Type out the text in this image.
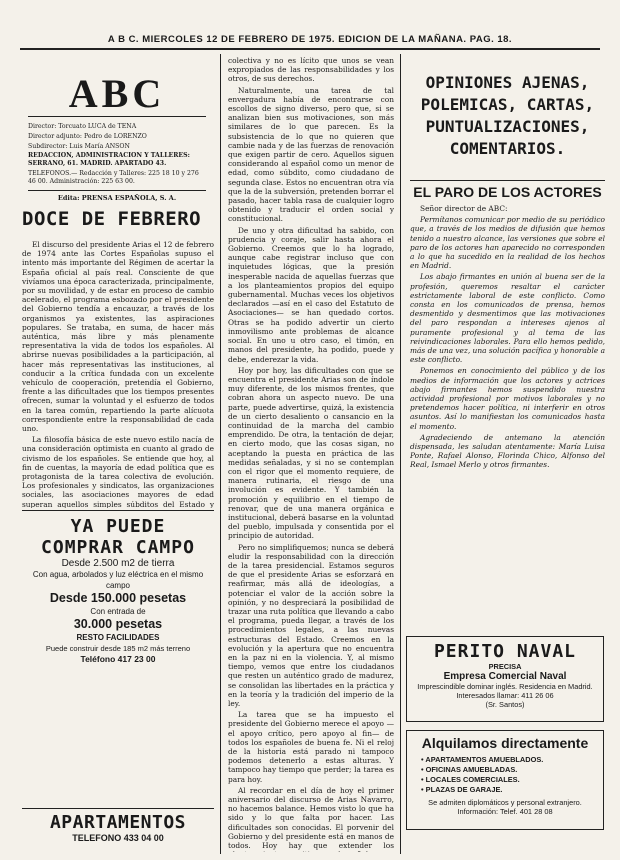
A B C. MIERCOLES 12 DE FEBRERO DE 1975. EDICION DE LA MAÑANA. PAG. 18.
ABC
Director: Torcuato LUCA de TENA
Director adjunto: Pedro de LORENZO
Subdirector: Luis María ANSON
REDACCION, ADMINISTRACION Y TALLERES: SERRANO, 61. MADRID. APARTADO 43.
TELEFONOS.— Redacción y Talleres: 225 18 10 y 276 46 00. Administración: 225 63 00.
Edita: PRENSA ESPAÑOLA, S. A.
DOCE DE FEBRERO

El discurso del presidente Arias el 12 de febrero de 1974 ante las Cortes Españolas supuso el intento más importante del Régimen de acertar la España oficial al país real. Consciente de que vivíamos una época caracterizada, principalmente, por su movilidad, y de estar en proceso de cambio acelerado, el programa esbozado por el presidente del Gobierno tendía a encauzar, a través de los organismos ya existentes, las aspiraciones populares. Se trataba, en suma, de hacer más auténtica, más libre y más plenamente representativa la vida de todos los españoles. Al abrirse nuevas posibilidades a la participación, al hacer más representativas las instituciones, al conducir a la crítica fundada con un excelente vehículo de cooperación, pretendía el Gobierno, frente a las dificultades que los tiempos presentes ofrecen, sumar la voluntad y el esfuerzo de todos en la tarea común, repartiendo la parte alícuota correspondiente entre la responsabilidad de cada uno.

La filosofía básica de este nuevo estilo nacía de una consideración optimista en cuanto al grado de civismo de los españoles. Se entiende que hoy, al fin de cuentas, la mayoría de edad política que es protagonista de la tarea colectiva de evolución. Los profesionales y sindicatos, las organizaciones sociales, las asociaciones mayores de edad superan aquellos simples súbditos del Estado y

YA PUEDE
COMPRAR CAMPO
Desde 2.500 m2 de tierra
Con agua, arbolados y luz eléctrica en el mismo campo
Desde 150.000 pesetas
Con entrada de
30.000 pesetas
RESTO FACILIDADES
Puede construir desde 185 m2 más terreno
Teléfono 417 23 00
APARTAMENTOS
TELEFONO 433 04 00

colectiva y no es lícito que unos se vean expropiados de las responsabilidades y los otros, de sus derechos.

Naturalmente, una tarea de tal envergadura había de encontrarse con escollos de signo diverso, pero que, si se analizan bien sus motivaciones, son más similares de lo que parecen. Es la subsistencia de lo que no quieren que cambie nada y de las fuerzas de renovación que exigen partir de cero. Aquellos siguen considerando al español como un menor de edad, como súbdito, como ciudadano de segunda clase. Estos no encuentran otra vía que la de la subversión, pretenden borrar el pasado, hacer tabla rasa de cualquier logro obtenido y traducir el orden social y constitucional.

De uno y otra dificultad ha sabido, con prudencia y coraje, salir hasta ahora el Gobierno. Creemos que lo ha logrado, aunque cabe registrar incluso que con inquietudes lógicas, que la presión inesperable nacida de aquellas fuerzas que a los planteamientos propios del equipo gubernamental. Muchas veces los objetivos declarados —así en el caso del Estatuto de Asociaciones— se han quedado cortos. Otras se ha podido advertir un cierto inmovilismo ante problemas de alcance social. En uno u otro caso, el timón, en manos del presidente, ha podido, puede y debe, enderezar la vida.

Hoy por hoy, las dificultades con que se encuentra el presidente Arias son de índole muy diferente, de los mismos frentes, que cobran ahora un aspecto nuevo. De una parte, puede advertirse, quizá, la existencia de un cierto desaliento o cansancio en la continuidad de la marcha del cambio emprendido. De otra, la tentación de dejar, en cierto modo, que las cosas sigan, no aceptando la puesta en práctica de las medidas señaladas, y si no se contemplan con el rigor que el momento requiere, de manera rutinaria, el riesgo de una involución es evidente. Y también la promoción y equilibrio en el tiempo de renovar, que de una manera orgánica e institucional, deberá basarse en la voluntad del pueblo, impulsada y consentida por el principio de autoridad.

Pero no simplifiquemos; nunca se deberá eludir la responsabilidad con la dirección de la tarea presidencial. Estamos seguros de que el presidente Arias se esforzará en reafirmar, más allá de ideologías, a potenciar el valor de la acción sobre la opinión, y no despreciará la posibilidad de trazar una ruta política que llevando a cabo el programa, pueda llegar, a través de los procedimientos legales, a las nuevas estructuras del Estado. Creemos en la evolución y la apertura que no encuentra en la paz ni en la violencia. Y, al mismo tiempo, vemos que entre los ciudadanos que resten un auténtico grado de madurez, se consolidan las libertades en la práctica y en la teoría y la tradición del imperio de la ley.

La tarea que se ha impuesto el presidente del Gobierno merece el apoyo —el apoyo crítico, pero apoyo al fin— de todos los españoles de buena fe. Ni el reloj de la historia está parado ni tampoco podemos detenerlo a estas alturas. Y tampoco hay tiempo que perder; la tarea es para hoy.

Al recordar en el día de hoy el primer aniversario del discurso de Arias Navarro, no hacemos balance. Hemos visto lo que ha sido y lo que falta por hacer. Las dificultades son conocidas. El porvenir del Gobierno y del presidente está en manos de todos. Hoy hay que extender los

OPINIONES AJENAS,
POLEMICAS, CARTAS,
PUNTUALIZACIONES,
COMENTARIOS.
EL PARO DE LOS ACTORES

Señor director de ABC:

Permítanos comunicar por medio de su periódico que, a través de los medios de difusión que hemos tenido a nuestro alcance, las versiones que sobre el paro de los actores han aparecido no corresponden a lo que ha sucedido en la realidad de los hechos en Madrid.

Los abajo firmantes en unión al buena ser de la profesión, queremos resaltar el carácter estrictamente laboral de este conflicto. Como consta en los comunicados de prensa, hemos desmentido y desmentimos que las motivaciones del paro respondan a intereses ajenos al puramente profesional y al tema de las reivindicaciones laborales. Para ello hemos pedido, más de una vez, una solución pacífica y honorable a este conflicto.

Ponemos en conocimiento del público y de los medios de información que los actores y actrices abajo firmantes hemos suspendido nuestra actividad profesional por motivos laborales y no pretendemos hacer política, ni interferir en otros asuntos. Así lo manifiestan los comunicados hasta el momento.

Agradeciendo de antemano la atención dispensada, les saludan atentamente: María Luisa Ponte, Rafael Alonso, Florinda Chico, Alfonso del Real, Ismael Merlo y otros firmantes.

PERITO NAVAL
PRECISA
Empresa Comercial Naval
Imprescindible dominar inglés. Residencia en Madrid.
Interesados llamar: 411 26 06
(Sr. Santos)
Alquilamos directamente
• APARTAMENTOS AMUEBLADOS.
• OFICINAS AMUEBLADAS.
• LOCALES COMERCIALES.
• PLAZAS DE GARAJE.
Se admiten diplomáticos y personal extranjero. Información: Telef. 401 28 08
